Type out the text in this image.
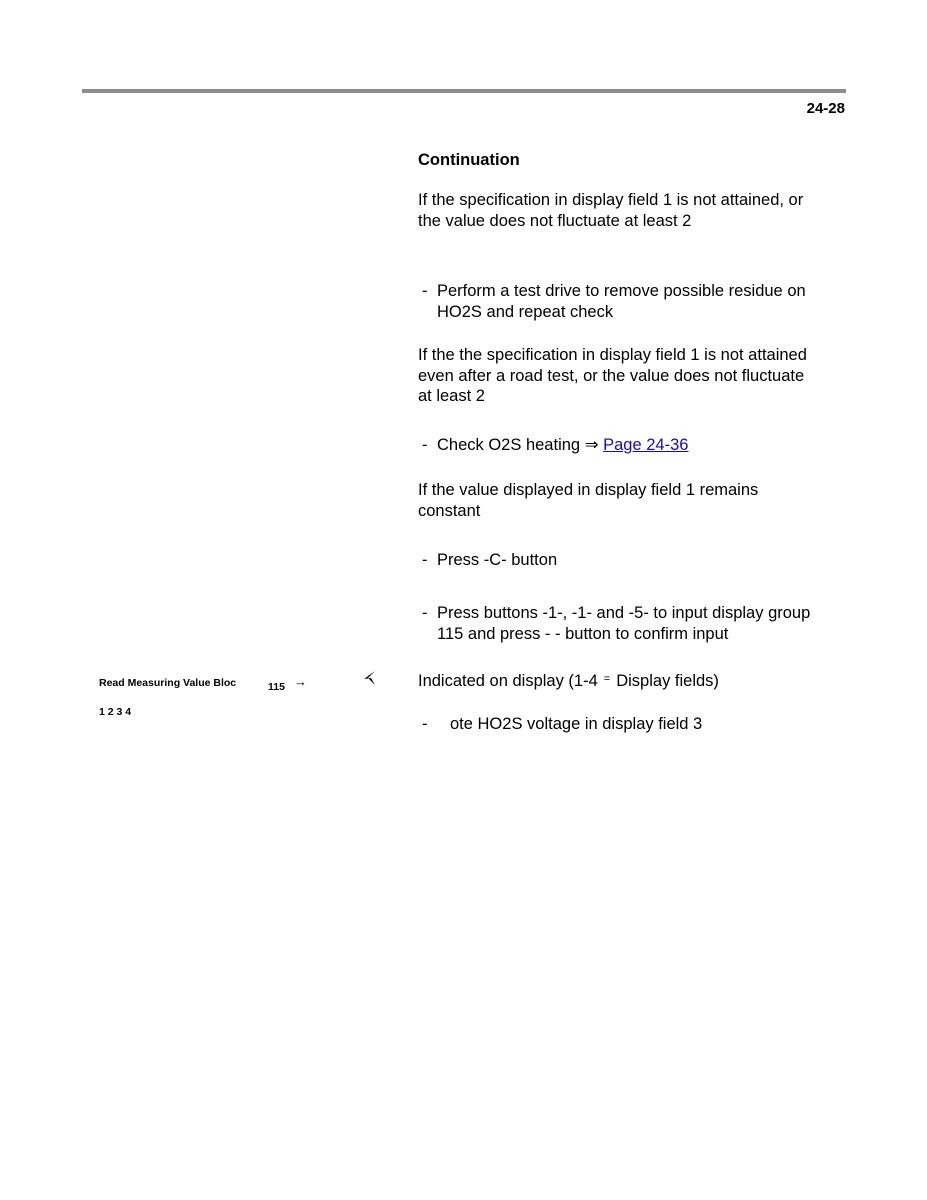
24-28
Read Measuring Value Bloc	115 →
1 2 3 4
Continuation
If the specification in display field 1 is not attained, or the value does not fluctuate at least 2
- Perform a test drive to remove possible residue on HO2S and repeat check
If the the specification in display field 1 is not attained even after a road test, or the value does not fluctuate at least 2
- Check O2S heating ⇒ Page 24-36
If the value displayed in display field 1 remains constant
- Press -C- button
- Press buttons -1-, -1- and -5- to input display group 115 and press - - button to confirm input
Indicated on display (1-4 = Display fields)
-	ote HO2S voltage in display field 3
